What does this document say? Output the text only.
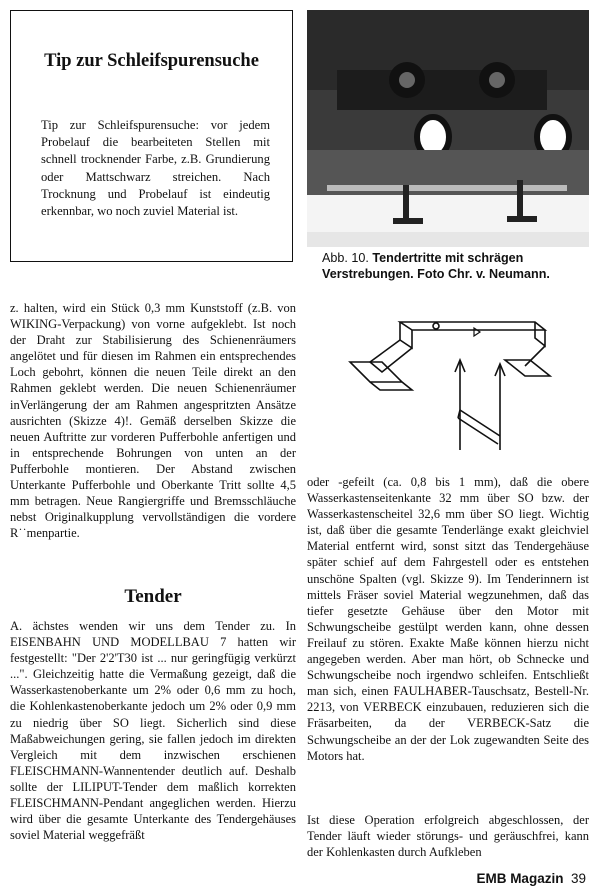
Tip zur Schleifspurensuche

Tip zur Schleifspurensuche: vor jedem Probelauf die bearbeiteten Stellen mit schnell trocknender Farbe, z.B. Grundierung oder Mattschwarz streichen. Nach Trocknung und Probelauf ist eindeutig erkennbar, wo noch zuviel Material ist.

Abb. 10. Tendertritte mit schrägen Verstrebungen. Foto Chr. v. Neumann.

z. halten, wird ein Stück 0,3 mm Kunststoff (z.B. von WIKING-Verpackung) von vorne aufgeklebt. Ist noch der Draht zur Stabilisierung des Schienenräumers angelötet und für diesen im Rahmen ein entsprechendes Loch gebohrt, können die neuen Teile direkt an den Rahmen geklebt werden. Die neuen Schienenräumer inVerlängerung der am Rahmen angespritzten Ansätze ausrichten (Skizze 4)!. Gemäß derselben Skizze die neuen Auftritte zur vorderen Pufferbohle anfertigen und in entsprechende Bohrungen von unten an der Pufferbohle montieren. Der Abstand zwischen Unterkante Pufferbohle und Oberkante Tritt sollte 4,5 mm betragen. Neue Rangiergriffe und Bremsschläuche nebst Originalkupplung vervollständigen die vordere R˙˙menpartie.

Tender

A. ächstes wenden wir uns dem Tender zu. In EISENBAHN UND MODELLBAU 7 hatten wir festgestellt: "Der 2'2'T30 ist ... nur geringfügig verkürzt ...". Gleichzeitig hatte die Vermaßung gezeigt, daß die Wasserkastenoberkante um 2% oder 0,6 mm zu hoch, die Kohlenkastenoberkante jedoch um 2% oder 0,9 mm zu niedrig über SO liegt. Sicherlich sind diese Maßabweichungen gering, sie fallen jedoch im direkten Vergleich mit dem inzwischen erschienen FLEISCHMANN-Wannentender deutlich auf. Deshalb sollte der LILIPUT-Tender dem maßlich korrekten FLEISCHMANN-Pendant angeglichen werden. Hierzu wird über die gesamte Unterkante des Tendergehäuses soviel Material weggefräßt

oder -gefeilt (ca. 0,8 bis 1 mm), daß die obere Wasserkastenseitenkante 32 mm über SO bzw. der Wasserkastenscheitel 32,6 mm über SO liegt. Wichtig ist, daß über die gesamte Tenderlänge exakt gleichviel Material entfernt wird, sonst sitzt das Tendergehäuse später schief auf dem Fahrgestell oder es entstehen unschöne Spalten (vgl. Skizze 9). Im Tenderinnern ist mittels Fräser soviel Material wegzunehmen, daß das tiefer gesetzte Gehäuse über den Motor mit Schwungscheibe gestülpt werden kann, ohne dessen Freilauf zu stören. Exakte Maße können hierzu nicht angegeben werden. Aber man hört, ob Schnecke und Schwungscheibe noch irgendwo schleifen. Entschließt man sich, einen FAULHABER-Tauschsatz, Bestell-Nr. 2213, von VERBECK einzubauen, reduzieren sich die Fräsarbeiten, da der VERBECK-Satz die Schwungscheibe an der der Lok zugewandten Seite des Motors hat.

Ist diese Operation erfolgreich abgeschlossen, der Tender läuft wieder störungs- und geräuschfrei, kann der Kohlenkasten durch Aufkleben

EMB Magazin 39
